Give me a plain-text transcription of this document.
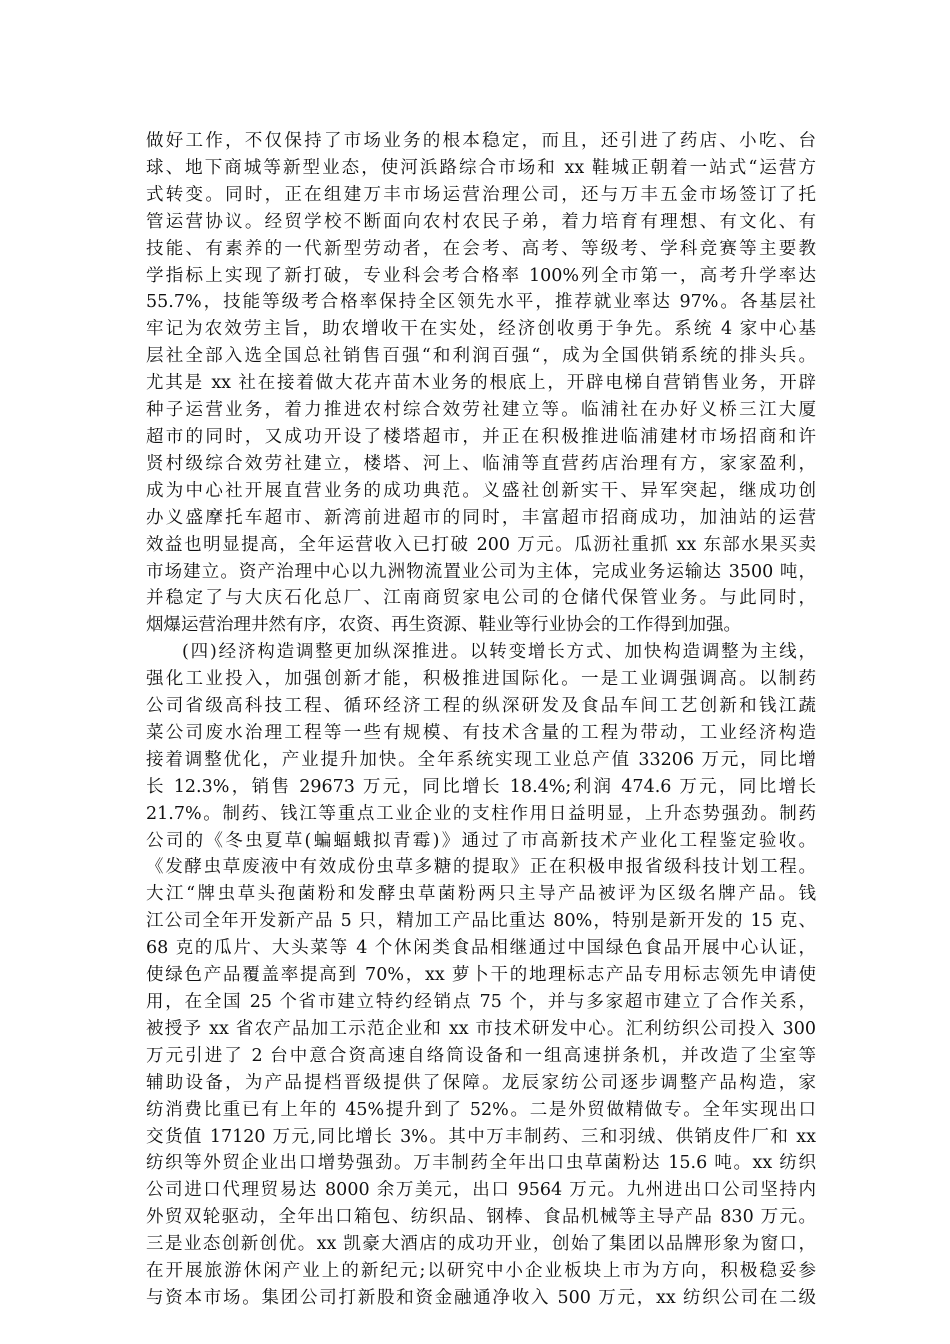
做好工作，不仅保持了市场业务的根本稳定，而且，还引进了药店、小吃、台
球、地下商城等新型业态，使河浜路综合市场和 xx 鞋城正朝着一站式“运营方
式转变。同时，正在组建万丰市场运营治理公司，还与万丰五金市场签订了托
管运营协议。经贸学校不断面向农村农民子弟，着力培育有理想、有文化、有
技能、有素养的一代新型劳动者，在会考、高考、等级考、学科竞赛等主要教
学指标上实现了新打破，专业科会考合格率 100%列全市第一，高考升学率达
55.7%，技能等级考合格率保持全区领先水平，推荐就业率达 97%。各基层社
牢记为农效劳主旨，助农增收干在实处，经济创收勇于争先。系统 4 家中心基
层社全部入选全国总社销售百强“和利润百强“，成为全国供销系统的排头兵。
尤其是 xx 社在接着做大花卉苗木业务的根底上，开辟电梯自营销售业务，开辟
种子运营业务，着力推进农村综合效劳社建立等。临浦社在办好义桥三江大厦
超市的同时，又成功开设了楼塔超市，并正在积极推进临浦建材市场招商和许
贤村级综合效劳社建立，楼塔、河上、临浦等直营药店治理有方，家家盈利，
成为中心社开展直营业务的成功典范。义盛社创新实干、异军突起，继成功创
办义盛摩托车超市、新湾前进超市的同时，丰富超市招商成功，加油站的运营
效益也明显提高，全年运营收入已打破 200 万元。瓜沥社重抓 xx 东部水果买卖
市场建立。资产治理中心以九洲物流置业公司为主体，完成业务运输达 3500 吨，
并稳定了与大庆石化总厂、江南商贸家电公司的仓储代保管业务。与此同时，
烟爆运营治理井然有序，农资、再生资源、鞋业等行业协会的工作得到加强。
(四)经济构造调整更加纵深推进。以转变增长方式、加快构造调整为主线，
强化工业投入，加强创新才能，积极推进国际化。一是工业调强调高。以制药
公司省级高科技工程、循环经济工程的纵深研发及食品车间工艺创新和钱江蔬
菜公司废水治理工程等一些有规模、有技术含量的工程为带动，工业经济构造
接着调整优化，产业提升加快。全年系统实现工业总产值 33206 万元，同比增
长 12.3%，销售 29673 万元，同比增长 18.4%;利润 474.6 万元，同比增长
21.7%。制药、钱江等重点工业企业的支柱作用日益明显，上升态势强劲。制药
公司的《冬虫夏草(蝙蝠蛾拟青霉)》通过了市高新技术产业化工程鉴定验收。
《发酵虫草废液中有效成份虫草多糖的提取》正在积极申报省级科技计划工程。
大江“牌虫草头孢菌粉和发酵虫草菌粉两只主导产品被评为区级名牌产品。钱
江公司全年开发新产品 5 只，精加工产品比重达 80%，特别是新开发的 15 克、
68 克的瓜片、大头菜等 4 个休闲类食品相继通过中国绿色食品开展中心认证，
使绿色产品覆盖率提高到 70%，xx 萝卜干的地理标志产品专用标志领先申请使
用，在全国 25 个省市建立特约经销点 75 个，并与多家超市建立了合作关系，
被授予 xx 省农产品加工示范企业和 xx 市技术研发中心。汇利纺织公司投入 300
万元引进了 2 台中意合资高速自络筒设备和一组高速拼条机，并改造了尘室等
辅助设备，为产品提档晋级提供了保障。龙辰家纺公司逐步调整产品构造，家
纺消费比重已有上年的 45%提升到了 52%。二是外贸做精做专。全年实现出口
交货值 17120 万元,同比增长 3%。其中万丰制药、三和羽绒、供销皮件厂和 xx
纺织等外贸企业出口增势强劲。万丰制药全年出口虫草菌粉达 15.6 吨。xx 纺织
公司进口代理贸易达 8000 余万美元，出口 9564 万元。九州进出口公司坚持内
外贸双轮驱动，全年出口箱包、纺织品、钢棒、食品机械等主导产品 830 万元。
三是业态创新创优。xx 凯豪大酒店的成功开业，创始了集团以品牌形象为窗口，
在开展旅游休闲产业上的新纪元;以研究中小企业板块上市为方向，积极稳妥参
与资本市场。集团公司打新股和资金融通净收入 500 万元，xx 纺织公司在二级
